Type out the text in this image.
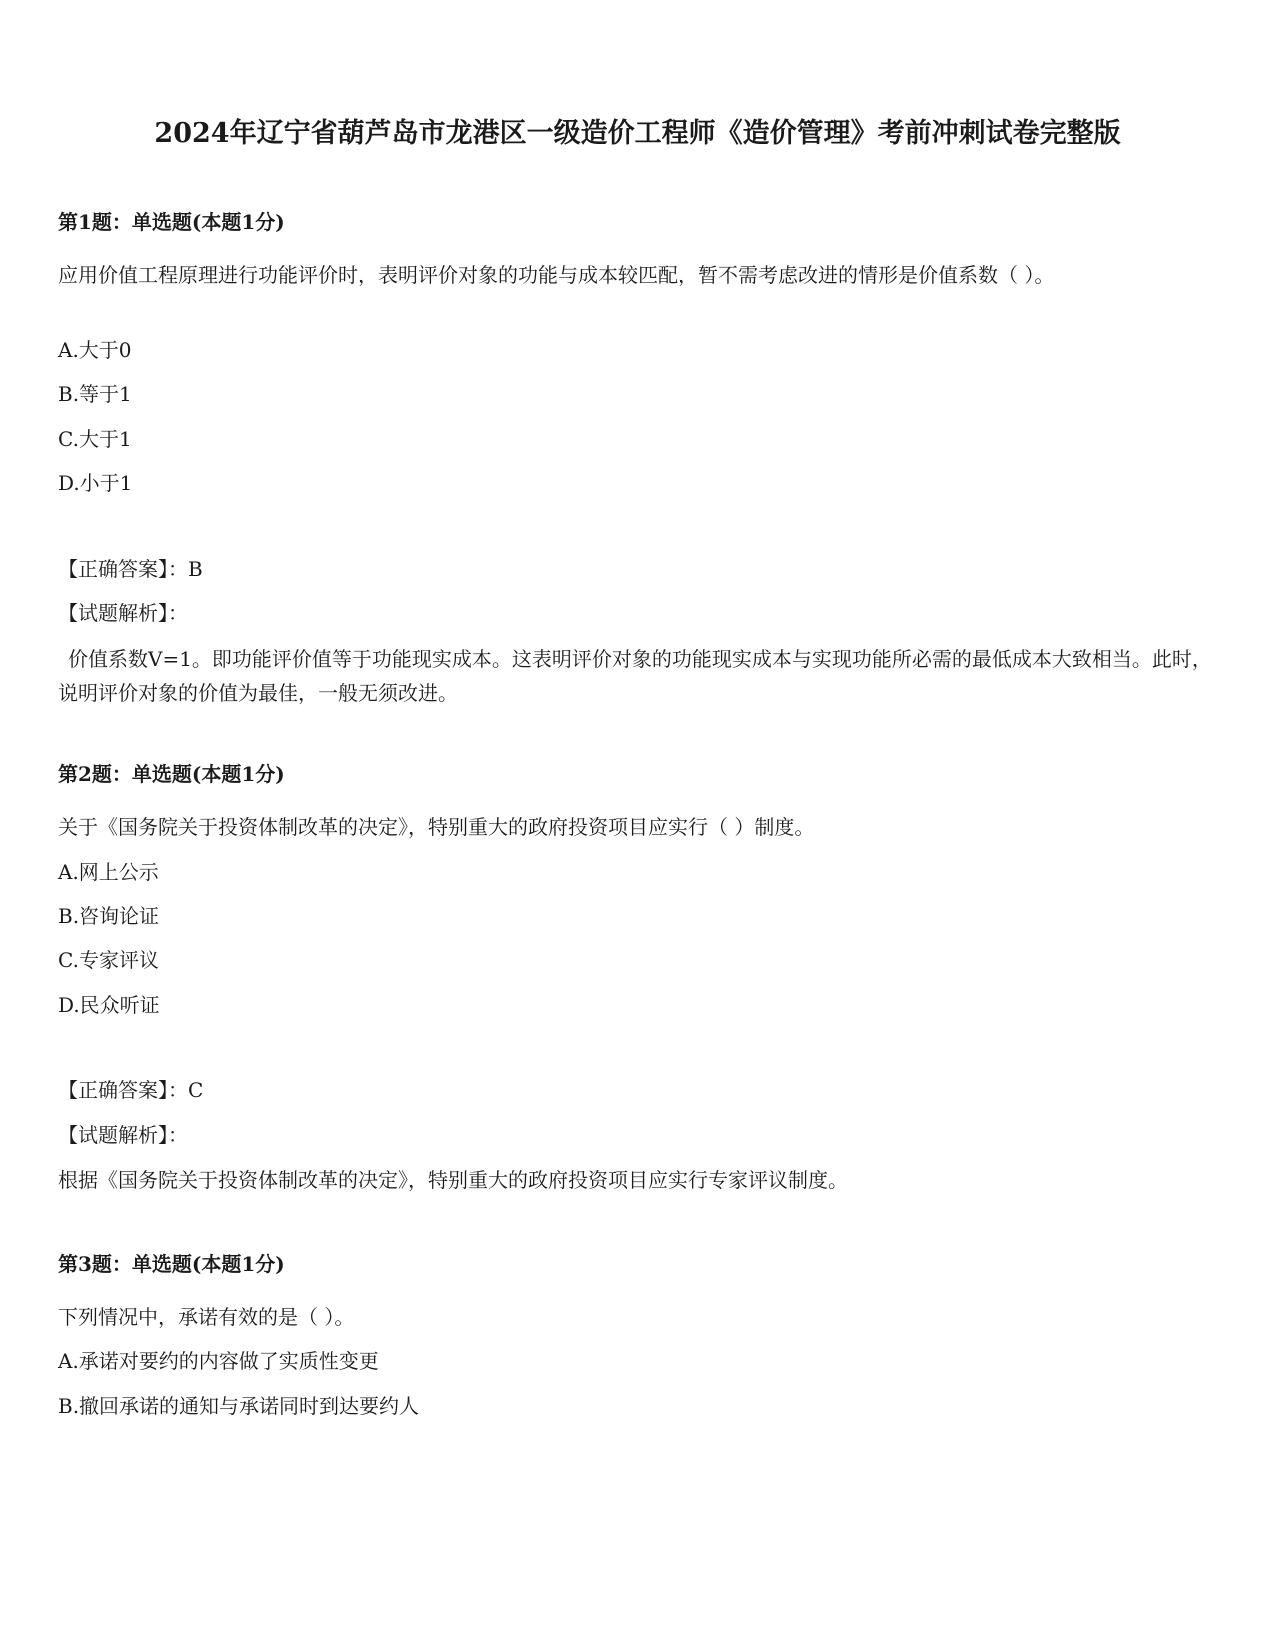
2024年辽宁省葫芦岛市龙港区一级造价工程师《造价管理》考前冲刺试卷完整版
第1题：单选题(本题1分)
应用价值工程原理进行功能评价时，表明评价对象的功能与成本较匹配，暂不需考虑改进的情形是价值系数（ ）。
A.大于0
B.等于1
C.大于1
D.小于1
【正确答案】：B
【试题解析】：
价值系数V=1。即功能评价值等于功能现实成本。这表明评价对象的功能现实成本与实现功能所必需的最低成本大致相当。此时，说明评价对象的价值为最佳，一般无须改进。
第2题：单选题(本题1分)
关于《国务院关于投资体制改革的决定》，特别重大的政府投资项目应实行（ ）制度。
A.网上公示
B.咨询论证
C.专家评议
D.民众听证
【正确答案】：C
【试题解析】：
根据《国务院关于投资体制改革的决定》，特别重大的政府投资项目应实行专家评议制度。
第3题：单选题(本题1分)
下列情况中，承诺有效的是（ ）。
A.承诺对要约的内容做了实质性变更
B.撤回承诺的通知与承诺同时到达要约人
